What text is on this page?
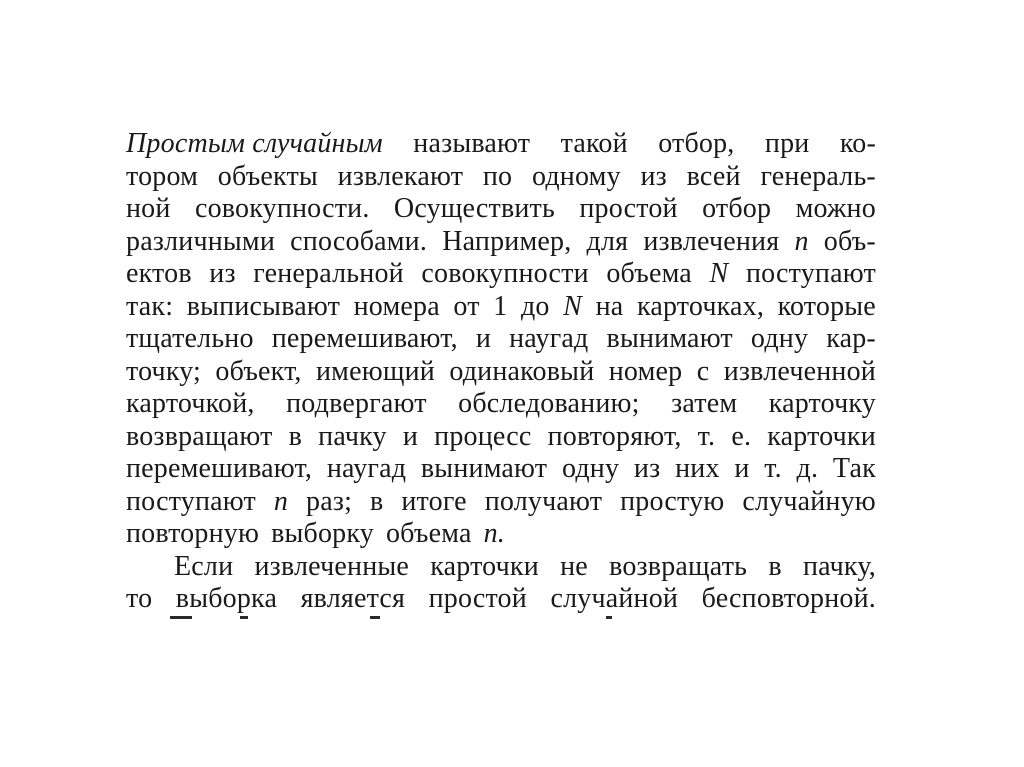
Простым случайным называют такой отбор, при ко-
тором объекты извлекают по одному из всей генераль-
ной совокупности. Осуществить простой отбор можно
различными способами. Например, для извлечения n объ-
ектов из генеральной совокупности объема N поступают
так: выписывают номера от 1 до N на карточках, которые
тщательно перемешивают, и наугад вынимают одну кар-
точку; объект, имеющий одинаковый номер с извлеченной
карточкой, подвергают обследованию; затем карточку
возвращают в пачку и процесс повторяют, т. е. карточки
перемешивают, наугад вынимают одну из них и т. д. Так
поступают n раз; в итоге получают простую случайную
повторную выборку объема n.
Если извлеченные карточки не возвращать в пачку,
то выборка является простой случайной бесповторной.
